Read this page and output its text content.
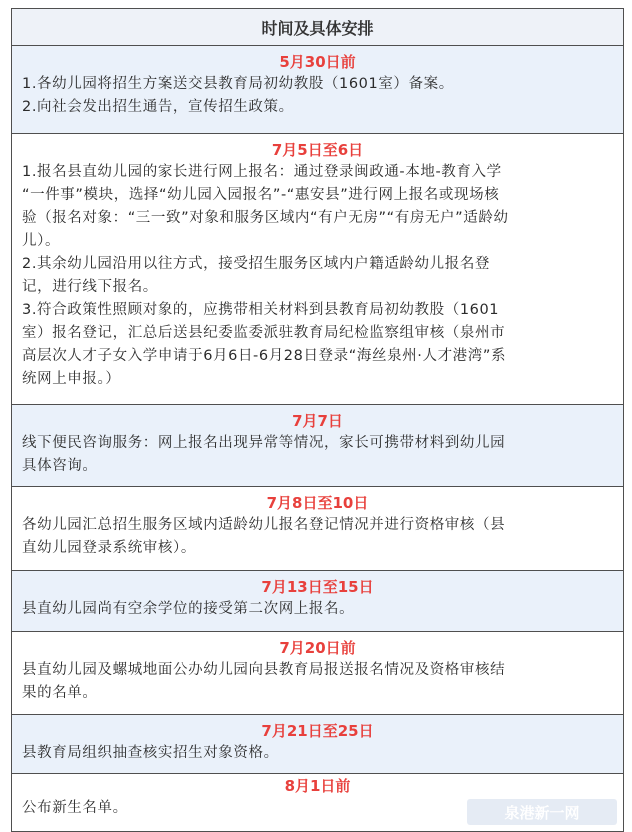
时间及具体安排
5月30日前
1.各幼儿园将招生方案送交县教育局初幼教股（1601室）备案。
2.向社会发出招生通告，宣传招生政策。
7月5日至6日
1.报名县直幼儿园的家长进行网上报名：通过登录闽政通-本地-教育入学
“一件事”模块，选择“幼儿园入园报名”-“惠安县”进行网上报名或现场核
验（报名对象：“三一致”对象和服务区域内“有户无房”“有房无户”适龄幼
儿）。
2.其余幼儿园沿用以往方式，接受招生服务区域内户籍适龄幼儿报名登
记，进行线下报名。
3.符合政策性照顾对象的，应携带相关材料到县教育局初幼教股（1601
室）报名登记，汇总后送县纪委监委派驻教育局纪检监察组审核（泉州市
高层次人才子女入学申请于6月6日-6月28日登录“海丝泉州·人才港湾”系
统网上申报。）
7月7日
线下便民咨询服务：网上报名出现异常等情况，家长可携带材料到幼儿园
具体咨询。
7月8日至10日
各幼儿园汇总招生服务区域内适龄幼儿报名登记情况并进行资格审核（县
直幼儿园登录系统审核）。
7月13日至15日
县直幼儿园尚有空余学位的接受第二次网上报名。
7月20日前
县直幼儿园及螺城地面公办幼儿园向县教育局报送报名情况及资格审核结
果的名单。
7月21日至25日
县教育局组织抽查核实招生对象资格。
8月1日前
公布新生名单。	泉港新一网
